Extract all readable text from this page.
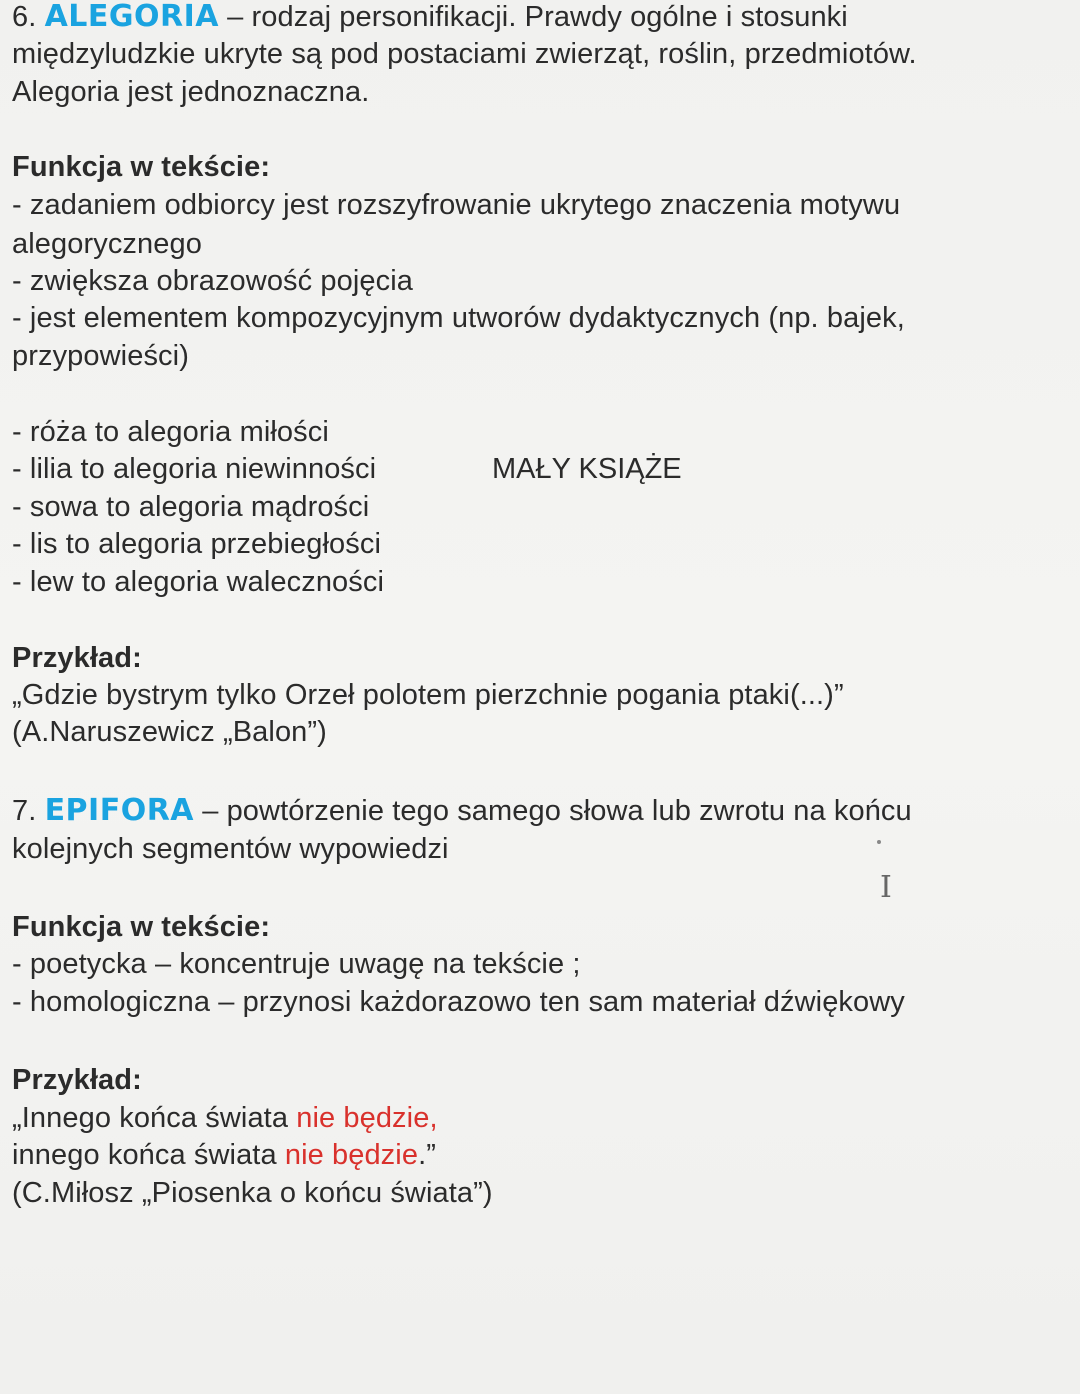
6. ALEGORIA – rodzaj personifikacji. Prawdy ogólne i stosunki
międzyludzkie ukryte są pod postaciami zwierząt, roślin, przedmiotów.
Alegoria jest jednoznaczna.
Funkcja w tekście:
- zadaniem odbiorcy jest rozszyfrowanie ukrytego znaczenia motywu
alegorycznego
- zwiększa obrazowość pojęcia
- jest elementem kompozycyjnym utworów dydaktycznych (np. bajek,
przypowieści)
- róża to alegoria miłości
- lilia to alegoria niewinności
- sowa to alegoria mądrości
- lis to alegoria przebiegłości
- lew to alegoria waleczności
MAŁY KSIĄŻE
Przykład:
„Gdzie bystrym tylko Orzeł polotem pierzchnie pogania ptaki(...)”
(A.Naruszewicz „Balon”)
7. EPIFORA – powtórzenie tego samego słowa lub zwrotu na końcu
kolejnych segmentów wypowiedzi
I
Funkcja w tekście:
- poetycka – koncentruje uwagę na tekście ;
- homologiczna – przynosi każdorazowo ten sam materiał dźwiękowy
Przykład:
„Innego końca świata nie będzie,
innego końca świata nie będzie.”
(C.Miłosz „Piosenka o końcu świata”)
